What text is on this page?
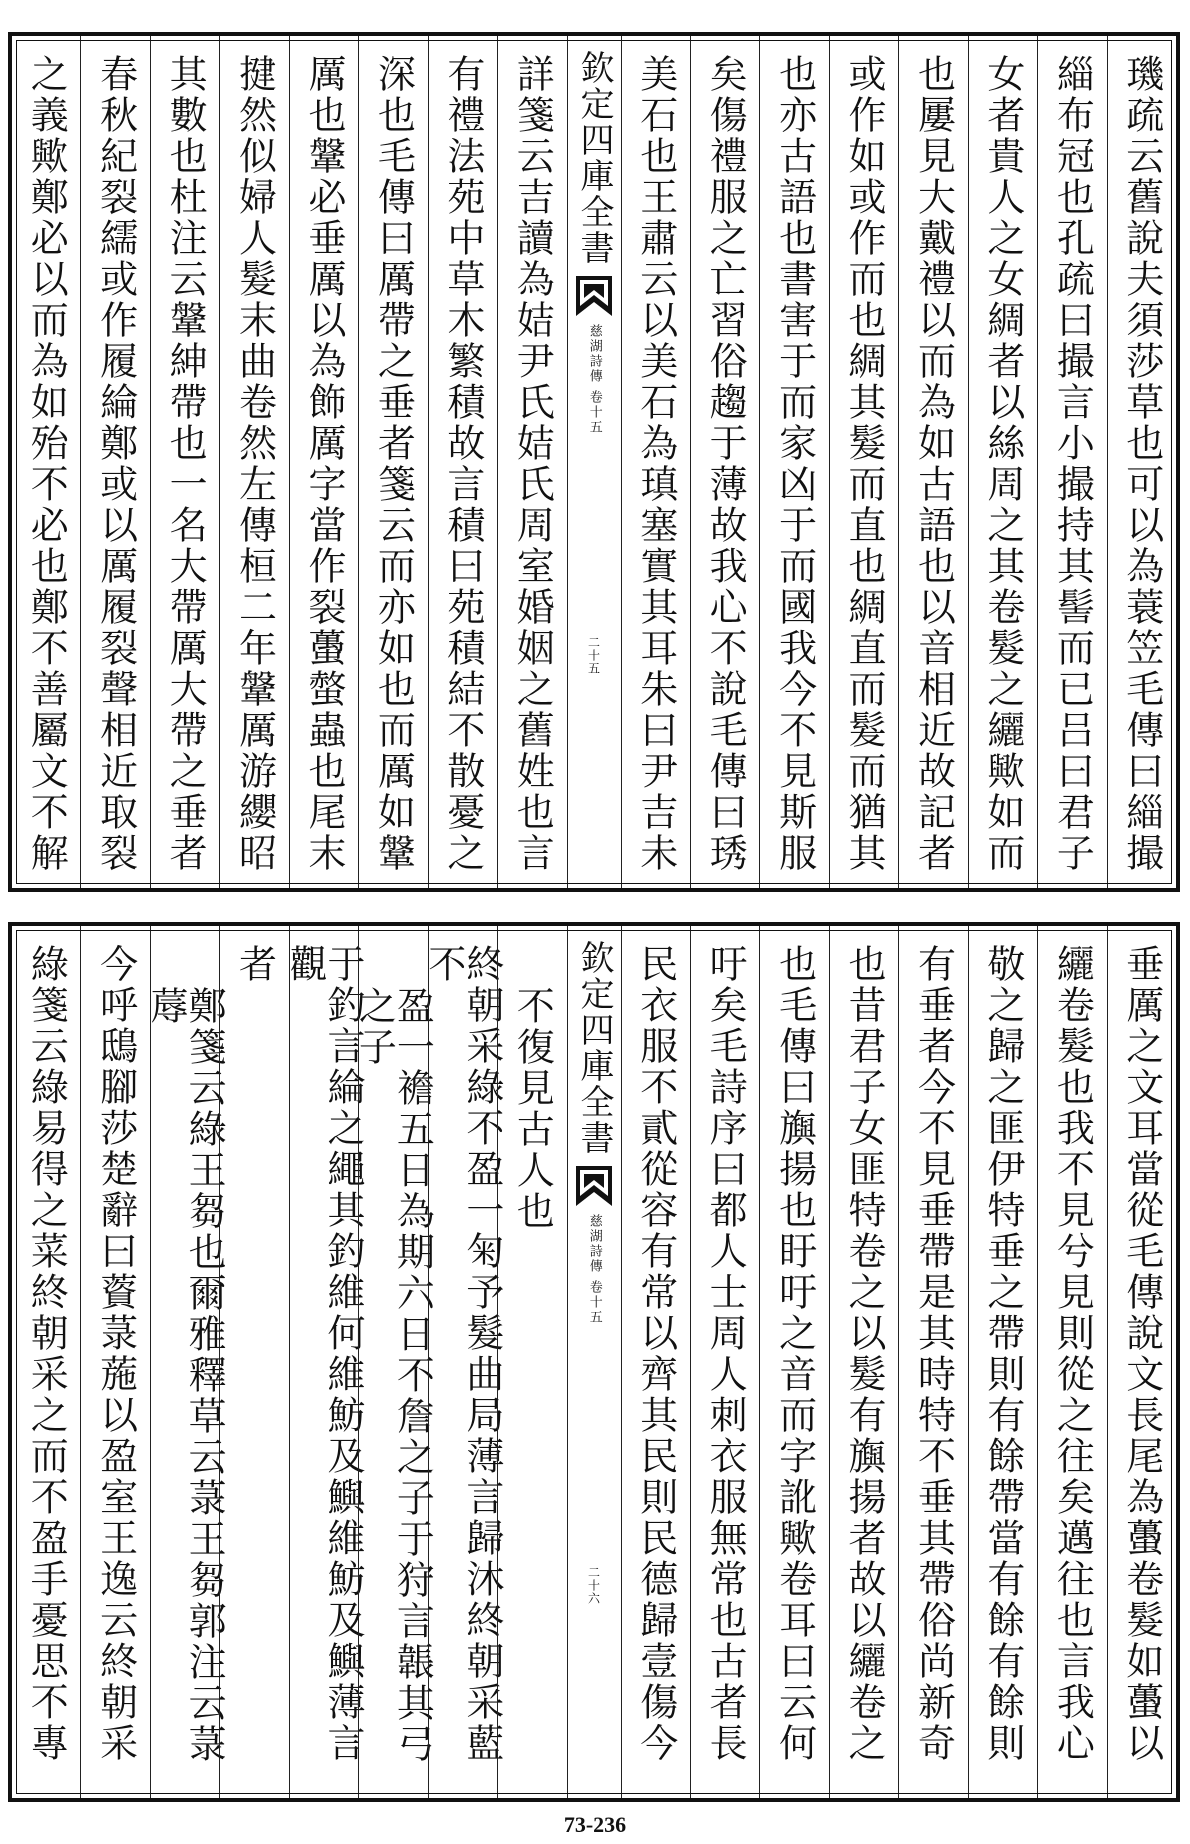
璣疏云舊說夫須莎草也可以為蓑笠毛傳曰緇撮
緇布冠也孔疏曰撮言小撮持其髻而已吕曰君子
女者貴人之女綢者以絲周之其卷髮之纚歟如而
也屢見大戴禮以而為如古語也以音相近故記者
或作如或作而也綢其髮而直也綢直而髮而猶其
也亦古語也書害于而家凶于而國我今不見斯服
矣傷禮服之亡習俗趨于薄故我心不說毛傳曰琇
美石也王肅云以美石為瑱塞實其耳朱曰尹吉未
欽定四庫全書
慈湖詩傳
卷十五
二十五
詳箋云吉讀為姞尹氏姞氏周室婚姻之舊姓也言
有禮法苑中草木繁積故言積曰苑積結不散憂之
深也毛傳曰厲帶之垂者箋云而亦如也而厲如鞶
厲也鞶必垂厲以為飾厲字當作裂蠆螫蟲也尾末
揵然似婦人髮末曲卷然左傳桓二年鞶厲游纓昭
其數也杜注云鞶紳帶也一名大帶厲大帶之垂者
春秋紀裂繻或作履綸鄭或以厲履裂聲相近取裂
之義歟鄭必以而為如殆不必也鄭不善屬文不解
垂厲之文耳當從毛傳說文長尾為蠆卷髮如蠆以
纚卷髮也我不見兮見則從之往矣邁往也言我心
敬之歸之匪伊特垂之帶則有餘帶當有餘有餘則
有垂者今不見垂帶是其時特不垂其帶俗尚新奇
也昔君子女匪特卷之以髮有旟揚者故以纚卷之
也毛傳曰旟揚也盱吁之音而字訛歟卷耳曰云何
吁矣毛詩序曰都人士周人刺衣服無常也古者長
民衣服不貳從容有常以齊其民則民德歸壹傷今
欽定四庫全書
慈湖詩傳
卷十五
二十六
不復見古人也
終朝采綠不盈一匊予髮曲局薄言歸沐終朝采藍不
盈一襜五日為期六日不詹之子于狩言韔其弓之子
于釣言綸之繩其釣維何維魴及鱮維魴及鱮薄言觀
者
鄭箋云綠王芻也爾雅釋草云菉王芻郭注云菉蓐
今呼鴟腳莎楚辭曰薋菉葹以盈室王逸云終朝采
綠箋云綠易得之菜終朝采之而不盈手憂思不專
73-236
